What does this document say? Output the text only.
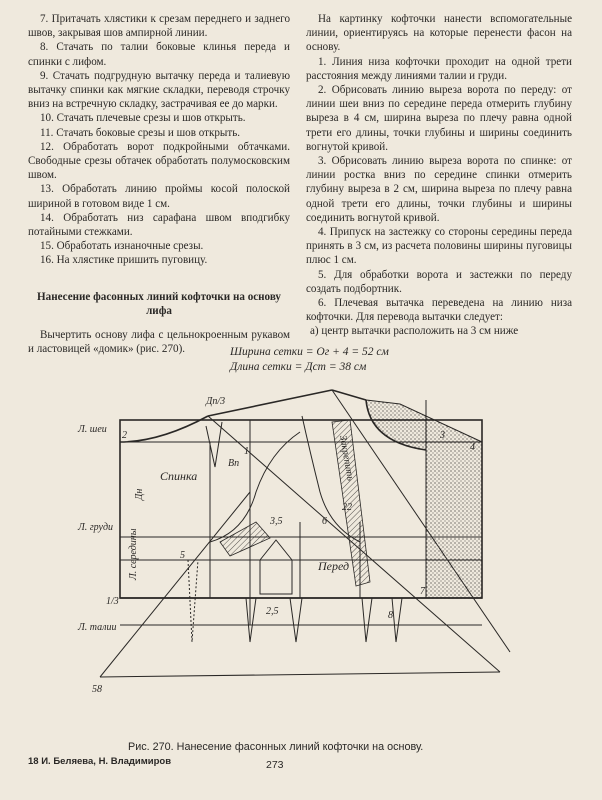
7. Притачать хлястики к срезам переднего и заднего швов, закрывая шов ампирной линии.

8. Стачать по талии боковые клинья переда и спинки с лифом.

9. Стачать подгрудную вытачку переда и талиевую вытачку спинки как мягкие складки, переводя строчку вниз на встречную складку, застрачивая ее до марки.

10. Стачать плечевые срезы и шов открыть.

11. Стачать боковые срезы и шов открыть.

12. Обработать ворот подкройными обтачками. Свободные срезы обтачек обработать полумосковским швом.

13. Обработать линию проймы косой полоской шириной в готовом виде 1 см.

14. Обработать низ сарафана швом вподгибку потайными стежками.

15. Обработать изнаночные срезы.

16. На хлястике пришить пуговицу.

Нанесение фасонных линий кофточки на основу лифа

Вычертить основу лифа с цельнокроенным рукавом и ластовицей «домик» (рис. 270).

На картинку кофточки нанести вспомогательные линии, ориентируясь на которые перенести фасон на основу.

1. Линия низа кофточки проходит на одной трети расстояния между линиями талии и груди.

2. Обрисовать линию выреза ворота по переду: от линии шеи вниз по середине переда отмерить глубину выреза в 4 см, ширина выреза по плечу равна одной трети его длины, точки глубины и ширины соединить вогнутой кривой.

3. Обрисовать линию выреза ворота по спинке: от линии ростка вниз по середине спинки отмерить глубину выреза в 2 см, ширина выреза по плечу равна одной трети его длины, точки глубины и ширины соединить вогнутой кривой.

4. Припуск на застежку со стороны середины переда принять в 3 см, из расчета половины ширины пуговицы плюс 1 см.

5. Для обработки ворота и застежки по переду создать подбортник.

6. Плечевая вытачка переведена на линию низа кофточки. Для перевода вытачки следует:

а) центр вытачки расположить на 3 см ниже

Ширина сетки = Ог + 4 = 52 см
Длина сетки = Дст = 38 см
Л. шеи
Л. груди
Л. талии
Спинка
Перед
Л. середины
Дн
Вп	Закрепить
Дп/3
1/3
1
2	3
4
5
6
7
8
22
2,5
3,5
58
Рис. 270. Нанесение фасонных линий кофточки на основу.
18 И. Беляева, Н. Владимиров	273
